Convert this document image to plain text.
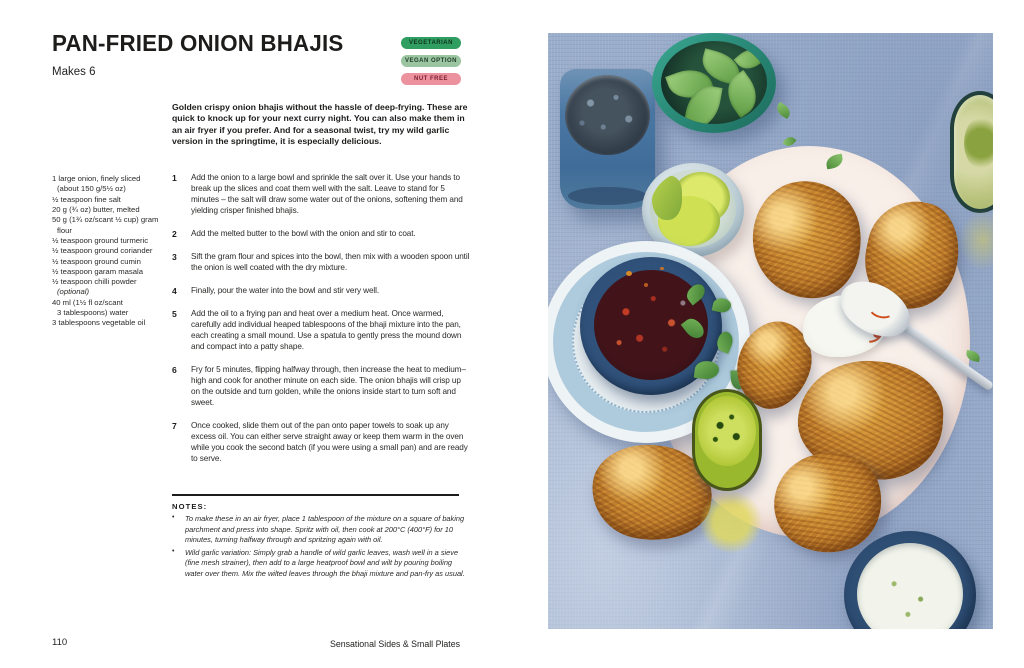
PAN-FRIED ONION BHAJIS
Makes 6
VEGETARIAN
VEGAN OPTION
NUT FREE

Golden crispy onion bhajis without the hassle of deep-frying. These are quick to knock up for your next curry night. You can also make them in an air fryer if you prefer. And for a seasonal twist, try my wild garlic version in the springtime, it is especially delicious.

1 large onion, finely sliced
(about 150 g/5½ oz)
½ teaspoon fine salt
20 g (¾ oz) butter, melted
50 g (1¾ oz/scant ½ cup) gram
flour
½ teaspoon ground turmeric
½ teaspoon ground coriander
½ teaspoon ground cumin
½ teaspoon garam masala
½ teaspoon chilli powder
(optional)
40 ml (1½ fl oz/scant
3 tablespoons) water
3 tablespoons vegetable oil
1	Add the onion to a large bowl and sprinkle the salt over it. Use your hands to break up the slices and coat them well with the salt. Leave to stand for 5 minutes – the salt will draw some water out of the onions, softening them and yielding crisper finished bhajis.
2	Add the melted butter to the bowl with the onion and stir to coat.
3	Sift the gram flour and spices into the bowl, then mix with a wooden spoon until the onion is well coated with the dry mixture.
4	Finally, pour the water into the bowl and stir very well.
5	Add the oil to a frying pan and heat over a medium heat. Once warmed, carefully add individual heaped tablespoons of the bhaji mixture into the pan, each creating a small mound. Use a spatula to gently press the mound down and compact into a patty shape.
6	Fry for 5 minutes, flipping halfway through, then increase the heat to medium–high and cook for another minute on each side. The onion bhajis will crisp up on the outside and turn golden, while the onions inside start to turn soft and sweet.
7	Once cooked, slide them out of the pan onto paper towels to soak up any excess oil. You can either serve straight away or keep them warm in the oven while you cook the second batch (if you were using a small pan) and are ready to serve.
NOTES:
•	To make these in an air fryer, place 1 tablespoon of the mixture on a square of baking parchment and press into shape. Spritz with oil, then cook at 200°C (400°F) for 10 minutes, turning halfway through and spritzing again with oil.
•	Wild garlic variation: Simply grab a handle of wild garlic leaves, wash well in a sieve (fine mesh strainer), then add to a large heatproof bowl and wilt by pouring boiling water over them. Mix the wilted leaves through the bhaji mixture and pan-fry as usual.
110	Sensational Sides & Small Plates
